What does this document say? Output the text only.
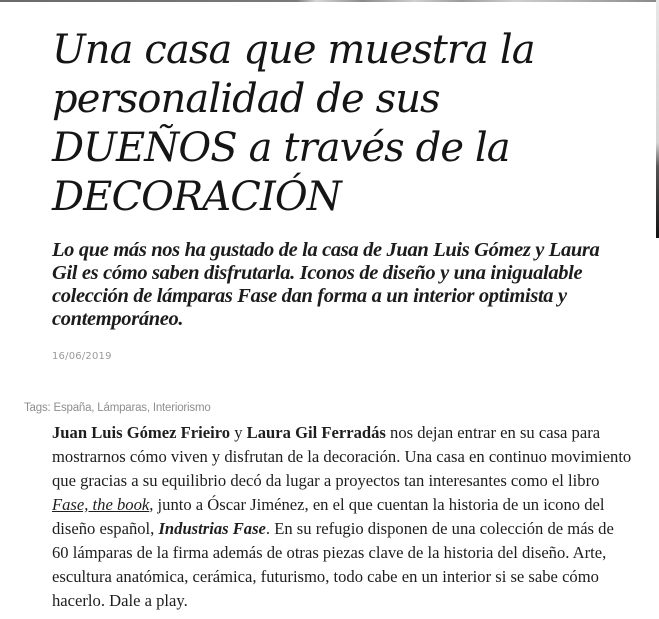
Una casa que muestra la
personalidad de sus
DUEÑOS a través de la
DECORACIÓN
Lo que más nos ha gustado de la casa de Juan Luis Gómez y Laura
Gil es cómo saben disfrutarla. Iconos de diseño y una inigualable
colección de lámparas Fase dan forma a un interior optimista y
contemporáneo.
16/06/2019
Tags: España, Lámparas, Interiorismo

Juan Luis Gómez Frieiro y Laura Gil Ferradás nos dejan entrar en su casa para
mostrarnos cómo viven y disfrutan de la decoración. Una casa en continuo movimiento
que gracias a su equilibrio decó da lugar a proyectos tan interesantes como el libro
Fase, the book, junto a Óscar Jiménez, en el que cuentan la historia de un icono del
diseño español, Industrias Fase. En su refugio disponen de una colección de más de
60 lámparas de la firma además de otras piezas clave de la historia del diseño. Arte,
escultura anatómica, cerámica, futurismo, todo cabe en un interior si se sabe cómo
hacerlo. Dale a play.
